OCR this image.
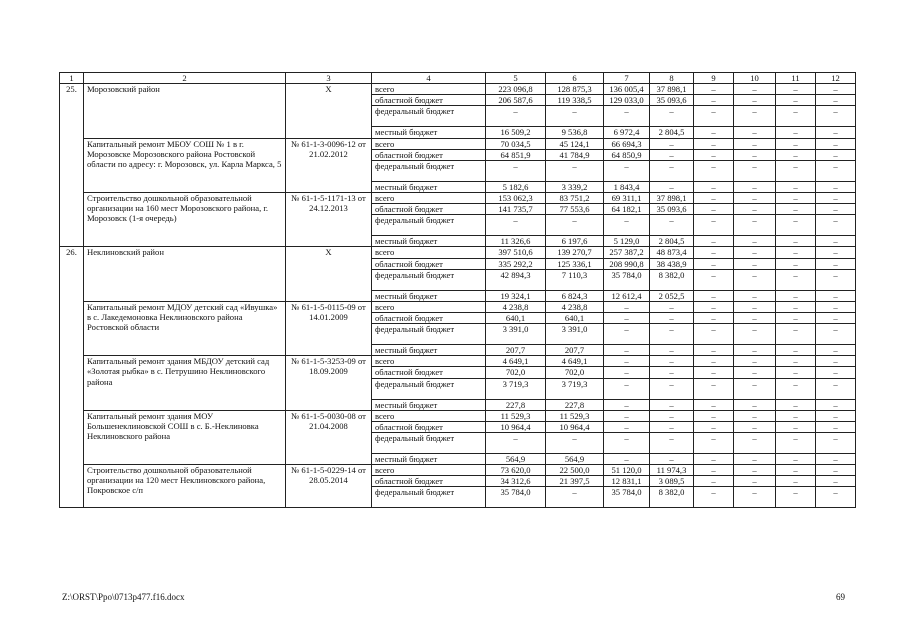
1	2	3	4	5	6	7	8	9	10	11	12
25.	Морозовский район	Х	всего	223 096,8	128 875,3	136 005,4	37 898,1	–	–	–	–
			областной бюджет	206 587,6	119 338,5	129 033,0	35 093,6	–	–	–	–
			федеральный бюджет	–	–	–	–	–	–	–	–
			местный бюджет	16 509,2	9 536,8	6 972,4	2 804,5	–	–	–	–
	Капитальный ремонт МБОУ СОШ № 1 в г. Морозовске Морозовского района Ростовской области по адресу: г. Морозовск, ул. Карла Маркса, 5	№ 61-1-3-0096-12 от 21.02.2012	всего	70 034,5	45 124,1	66 694,3	–	–	–	–	–
			областной бюджет	64 851,9	41 784,9	64 850,9	–	–	–	–	–
			федеральный бюджет	–	–	–	–	–	–	–	–
			местный бюджет	5 182,6	3 339,2	1 843,4	–	–	–	–	–
	Строительство дошкольной образовательной организации на 160 мест Морозовского района, г. Морозовск (1-я очередь)	№ 61-1-5-1171-13 от 24.12.2013	всего	153 062,3	83 751,2	69 311,1	37 898,1	–	–	–	–
			областной бюджет	141 735,7	77 553,6	64 182,1	35 093,6	–	–	–	–
			федеральный бюджет	–	–	–	–	–	–	–	–
			местный бюджет	11 326,6	6 197,6	5 129,0	2 804,5	–	–	–	–
26.	Неклиновский район	Х	всего	397 510,6	139 270,7	257 387,2	48 873,4	–	–	–	–
			областной бюджет	335 292,2	125 336,1	208 990,8	38 438,9	–	–	–	–
			федеральный бюджет	42 894,3	7 110,3	35 784,0	8 382,0	–	–	–	–
			местный бюджет	19 324,1	6 824,3	12 612,4	2 052,5	–	–	–	–
	Капитальный ремонт МДОУ детский сад «Ивушка» в с. Лакедемоновка Неклиновского района Ростовской области	№ 61-1-5-0115-09 от 14.01.2009	всего	4 238,8	4 238,8	–	–	–	–	–	–
			областной бюджет	640,1	640,1	–	–	–	–	–	–
			федеральный бюджет	3 391,0	3 391,0	–	–	–	–	–	–
			местный бюджет	207,7	207,7	–	–	–	–	–	–
	Капитальный ремонт здания МБДОУ детский сад «Золотая рыбка» в с. Петрушино Неклиновского района	№ 61-1-5-3253-09 от 18.09.2009	всего	4 649,1	4 649,1	–	–	–	–	–	–
			областной бюджет	702,0	702,0	–	–	–	–	–	–
			федеральный бюджет	3 719,3	3 719,3	–	–	–	–	–	–
			местный бюджет	227,8	227,8	–	–	–	–	–	–
	Капитальный ремонт здания МОУ Большенеклиновской СОШ в с. Б.-Неклиновка Неклиновского района	№ 61-1-5-0030-08 от 21.04.2008	всего	11 529,3	11 529,3	–	–	–	–	–	–
			областной бюджет	10 964,4	10 964,4	–	–	–	–	–	–
			федеральный бюджет	–	–	–	–	–	–	–	–
			местный бюджет	564,9	564,9	–	–	–	–	–	–
	Строительство дошкольной образовательной организации на 120 мест Неклиновского района, Покровское с/п	№ 61-1-5-0229-14 от 28.05.2014	всего	73 620,0	22 500,0	51 120,0	11 974,3	–	–	–	–
			областной бюджет	34 312,6	21 397,5	12 831,1	3 089,5	–	–	–	–
			федеральный бюджет	35 784,0	–	35 784,0	8 382,0	–	–	–	–
Z:\ORST\Ppo\0713p477.f16.docx	69
